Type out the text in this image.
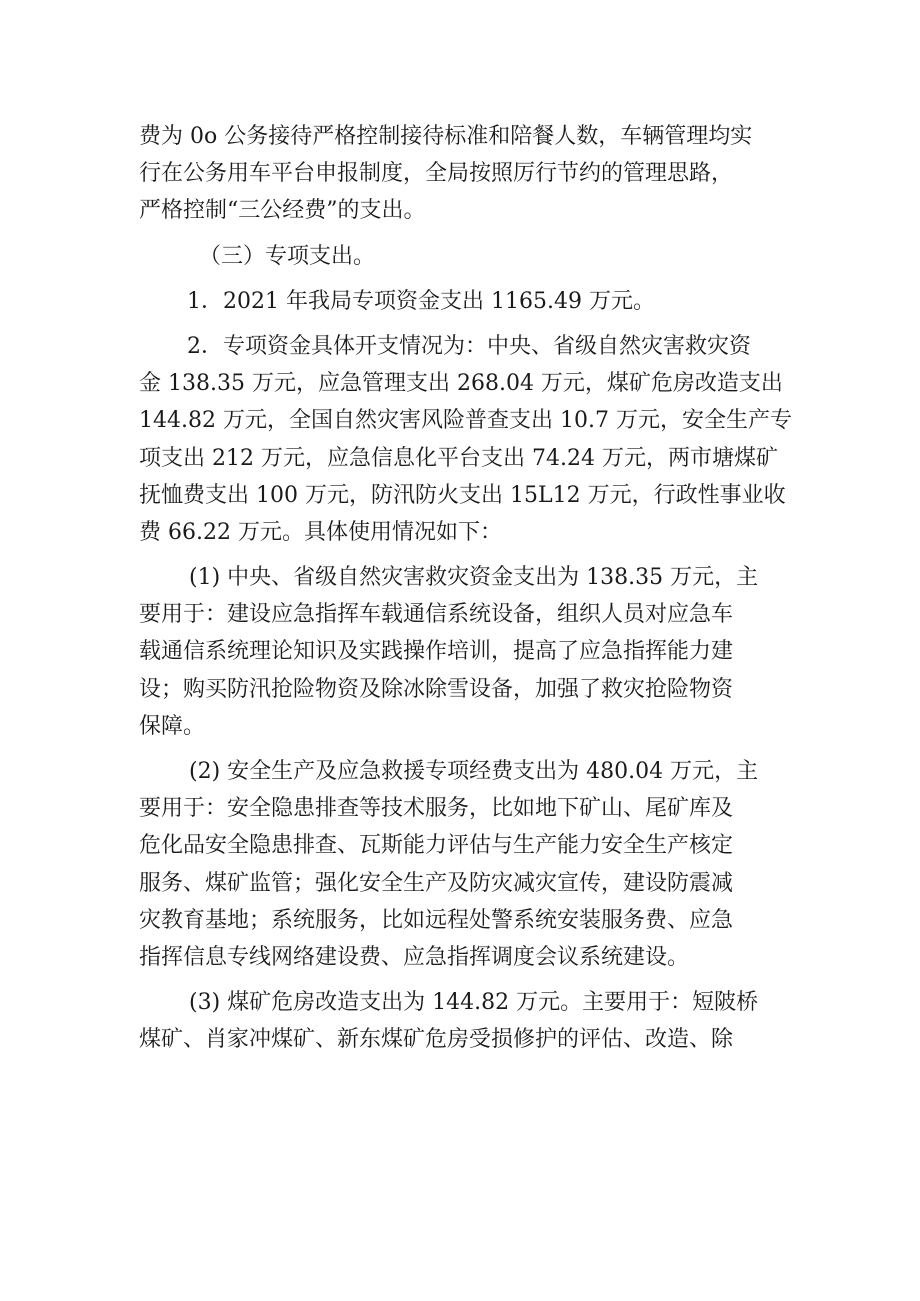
费为 0o 公务接待严格控制接待标准和陪餐人数，车辆管理均实
行在公务用车平台申报制度，全局按照厉行节约的管理思路，
严格控制“三公经费”的支出。
（三）专项支出。
1．2021 年我局专项资金支出 1165.49 万元。
2．专项资金具体开支情况为：中央、省级自然灾害救灾资
金 138.35 万元，应急管理支出 268.04 万元，煤矿危房改造支出
144.82 万元，全国自然灾害风险普查支出 10.7 万元，安全生产专
项支出 212 万元，应急信息化平台支出 74.24 万元，两市塘煤矿
抚恤费支出 100 万元，防汛防火支出 15L12 万元，行政性事业收
费 66.22 万元。具体使用情况如下：
(1) 中央、省级自然灾害救灾资金支出为 138.35 万元，主
要用于：建设应急指挥车载通信系统设备，组织人员对应急车
载通信系统理论知识及实践操作培训，提高了应急指挥能力建
设；购买防汛抢险物资及除冰除雪设备，加强了救灾抢险物资
保障。
(2) 安全生产及应急救援专项经费支出为 480.04 万元，主
要用于：安全隐患排查等技术服务，比如地下矿山、尾矿库及
危化品安全隐患排查、瓦斯能力评估与生产能力安全生产核定
服务、煤矿监管；强化安全生产及防灾减灾宣传，建设防震减
灾教育基地；系统服务，比如远程处警系统安装服务费、应急
指挥信息专线网络建设费、应急指挥调度会议系统建设。
(3) 煤矿危房改造支出为 144.82 万元。主要用于：短陂桥
煤矿、肖家冲煤矿、新东煤矿危房受损修护的评估、改造、除
